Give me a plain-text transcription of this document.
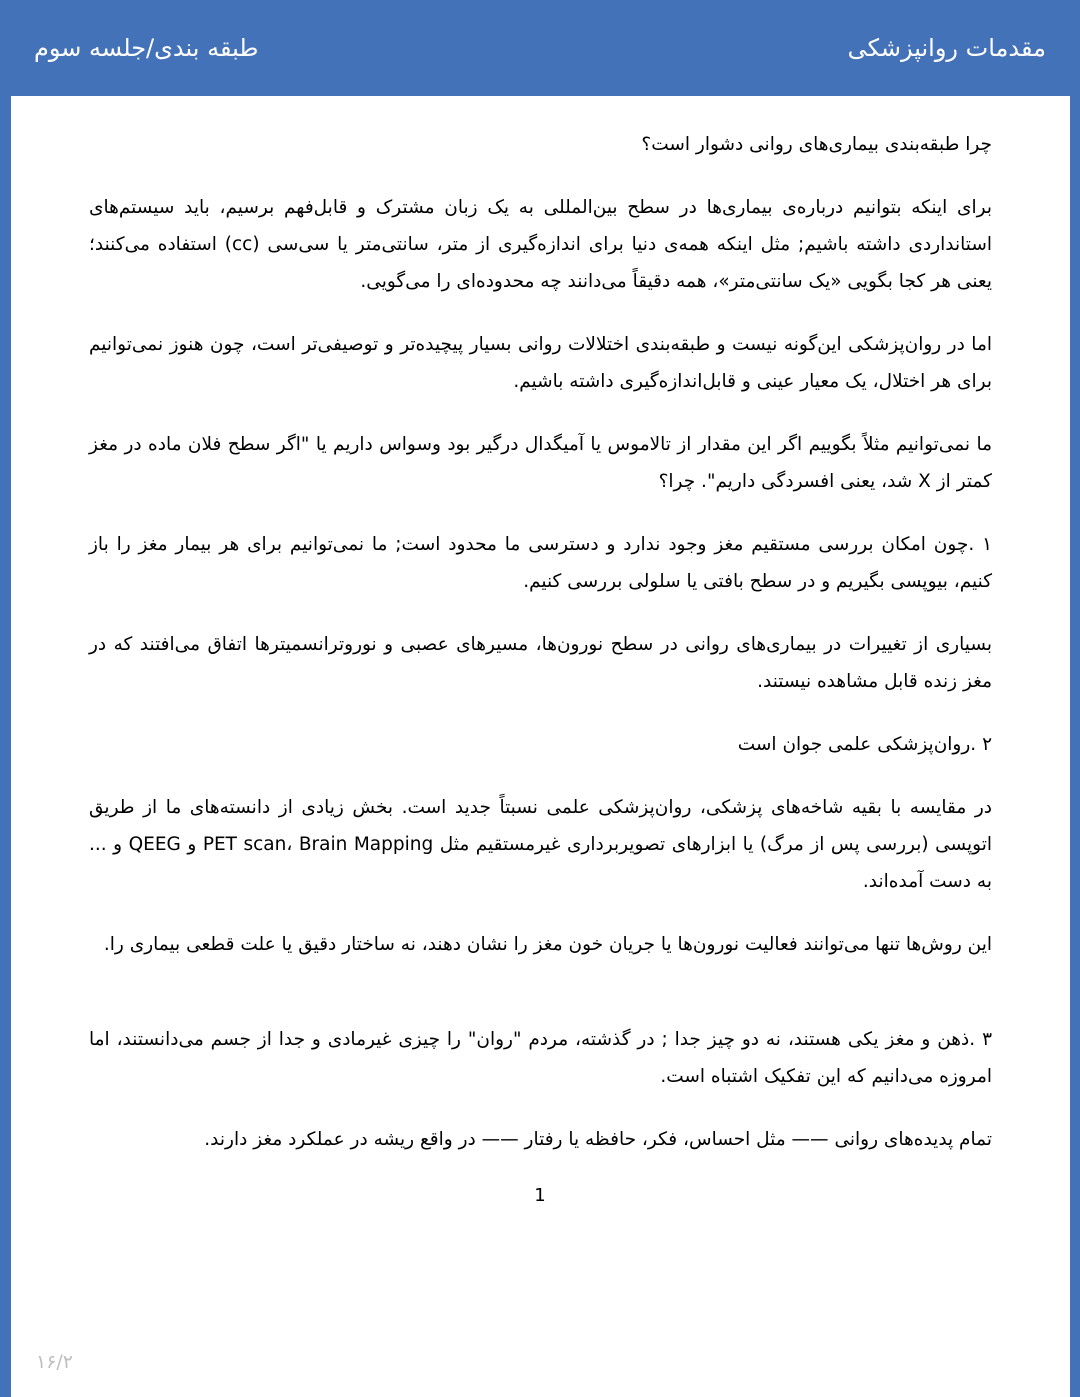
مقدمات روانپزشکی
طبقه بندی/جلسه سوم

چرا طبقه‌بندی بیماری‌های روانی دشوار است؟

برای اینکه بتوانیم درباره‌ی بیماری‌ها در سطح بین‌المللی به یک زبان مشترک و قابل‌فهم برسیم، باید سیستم‌های استانداردی داشته باشیم; مثل اینکه همه‌ی دنیا برای اندازه‌گیری از متر، سانتی‌متر یا سی‌سی (cc) استفاده می‌کنند؛ یعنی هر کجا بگویی «یک سانتی‌متر»، همه دقیقاً می‌دانند چه محدوده‌ای را می‌گویی.

اما در روان‌پزشکی این‌گونه نیست و طبقه‌بندی اختلالات روانی بسیار پیچیده‌تر و توصیفی‌تر است، چون هنوز نمی‌توانیم برای هر اختلال، یک معیار عینی و قابل‌اندازه‌گیری داشته باشیم.

ما نمی‌توانیم مثلاً بگوییم اگر این مقدار از تالاموس یا آمیگدال درگیر بود وسواس داریم یا "اگر سطح فلان ماده در مغز کمتر از X شد، یعنی افسردگی داریم". چرا؟

۱ .چون امکان بررسی مستقیم مغز وجود ندارد و دسترسی ما محدود است; ما نمی‌توانیم برای هر بیمار مغز را باز کنیم، بیوپسی بگیریم و در سطح بافتی یا سلولی بررسی کنیم.

بسیاری از تغییرات در بیماری‌های روانی در سطح نورون‌ها، مسیرهای عصبی و نوروترانسمیترها اتفاق می‌افتند که در مغز زنده قابل مشاهده نیستند.

۲ .روان‌پزشکی علمی جوان است

در مقایسه با بقیه شاخه‌های پزشکی، روان‌پزشکی علمی نسبتاً جدید است. بخش زیادی از دانسته‌های ما از طریق اتوپسی (بررسی پس از مرگ) یا ابزارهای تصویربرداری غیرمستقیم مثل PET scan، Brain Mapping و QEEG و ... به دست آمده‌اند.

این روش‌ها تنها می‌توانند فعالیت نورون‌ها یا جریان خون مغز را نشان دهند، نه ساختار دقیق یا علت قطعی بیماری را.

۳ .ذهن و مغز یکی هستند، نه دو چیز جدا ; در گذشته، مردم "روان" را چیزی غیرمادی و جدا از جسم می‌دانستند، اما امروزه می‌دانیم که این تفکیک اشتباه است.

تمام پدیده‌های روانی —— مثل احساس، فکر، حافظه یا رفتار —— در واقع ریشه در عملکرد مغز دارند.

1
۱۶/۲
